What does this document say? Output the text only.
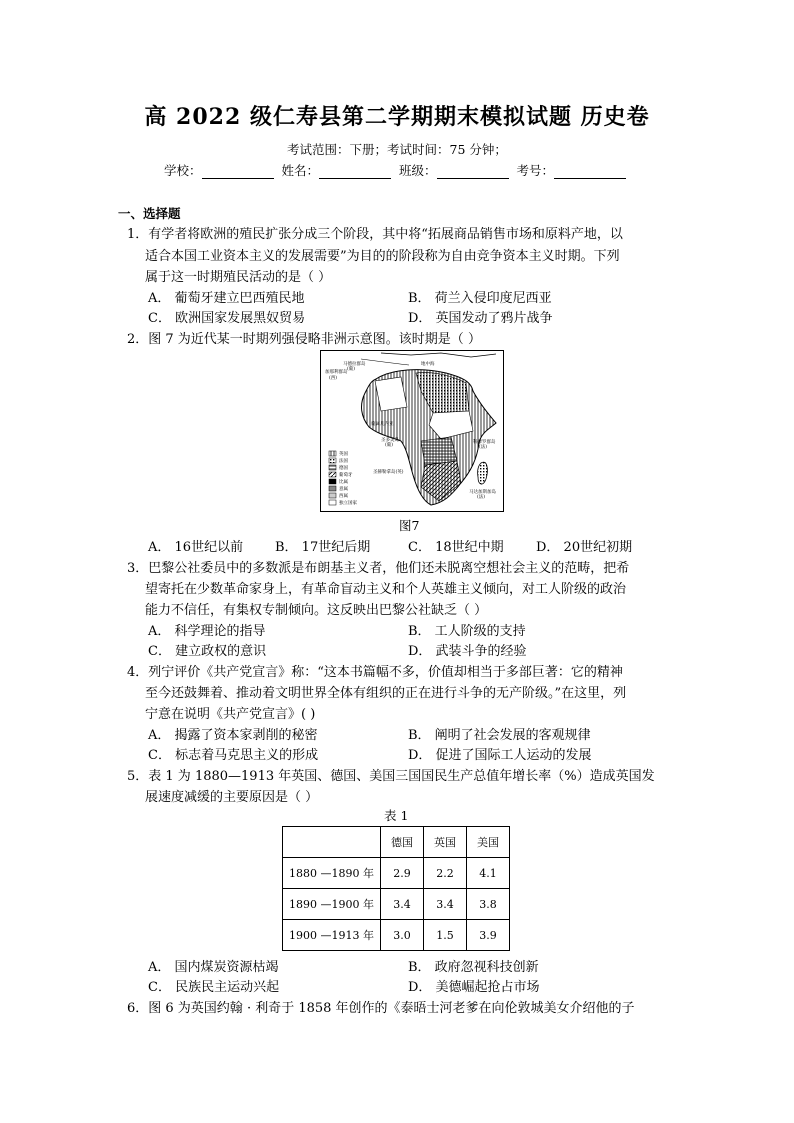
高 2022 级仁寿县第二学期期末模拟试题 历史卷
考试范围：下册；考试时间：75 分钟；
学校：	姓名：	班级：	考号：
一、选择题
1．有学者将欧洲的殖民扩张分成三个阶段，其中将“拓展商品销售市场和原料产地，以
适合本国工业资本主义的发展需要”为目的的阶段称为自由竞争资本主义时期。下列
属于这一时期殖民活动的是（ ）
A． 葡萄牙建立巴西殖民地	B． 荷兰入侵印度尼西亚
C． 欧洲国家发展黑奴贸易	D． 英国发动了鸦片战争
2．图 7 为近代某一时期列强侵略非洲示意图。该时期是（ ）
加那利群岛
(西)
马德拉群岛
(葡)
地中海
葡属几内亚
圣多美岛
(葡)
科摩罗群岛
(法)
圣赫勒拿岛(英)
马达加斯加岛
(法)
英国
法国
德国
葡萄牙
比属
意属
西属
独立国家
图7
A． 16世纪以前 B． 17世纪后期	C． 18世纪中期 D． 20世纪初期
3．巴黎公社委员中的多数派是布朗基主义者，他们还未脱离空想社会主义的范畴，把希
望寄托在少数革命家身上，有革命盲动主义和个人英雄主义倾向，对工人阶级的政治
能力不信任，有集权专制倾向。这反映出巴黎公社缺乏（ ）
A． 科学理论的指导	B． 工人阶级的支持
C． 建立政权的意识	D． 武装斗争的经验
4．列宁评价《共产党宣言》称：“这本书篇幅不多，价值却相当于多部巨著：它的精神
至今还鼓舞着、推动着文明世界全体有组织的正在进行斗争的无产阶级。”在这里，列
宁意在说明《共产党宣言》( )
A． 揭露了资本家剥削的秘密	B． 阐明了社会发展的客观规律
C． 标志着马克思主义的形成	D． 促进了国际工人运动的发展
5．表 1 为 1880—1913 年英国、德国、美国三国国民生产总值年增长率（%）造成英国发
展速度减缓的主要原因是（ ）
表 1
	德国	英国	美国
1880 —1890 年	2.9	2.2	4.1
1890 —1900 年	3.4	3.4	3.8
1900 —1913 年	3.0	1.5	3.9
A． 国内煤炭资源枯竭	B． 政府忽视科技创新
C． 民族民主运动兴起	D． 美德崛起抢占市场
6．图 6 为英国约翰 · 利奇于 1858 年创作的《泰晤士河老爹在向伦敦城美女介绍他的子
